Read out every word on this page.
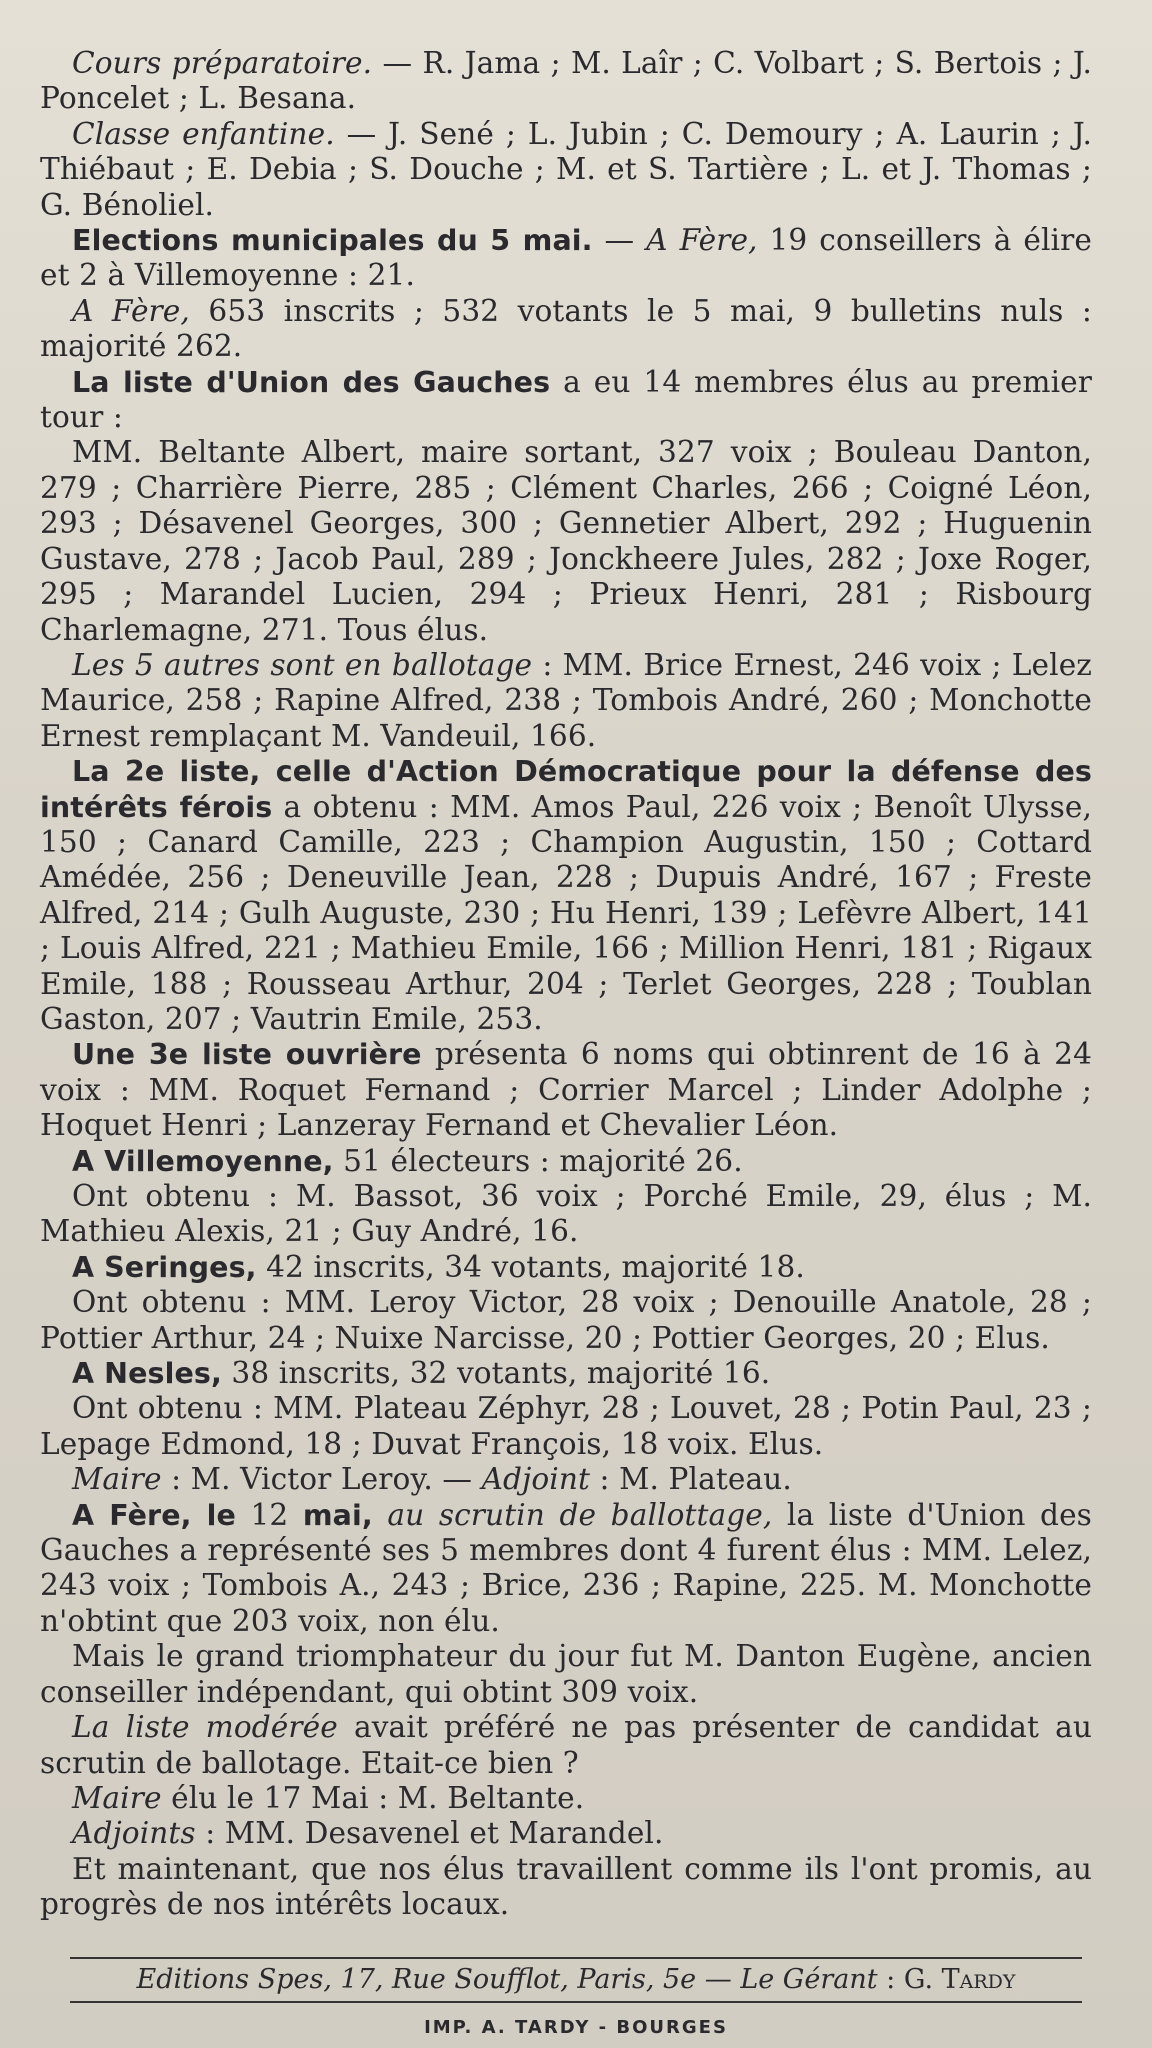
Cours préparatoire. — R. Jama ; M. Laîr ; C. Volbart ; S. Bertois ; J. Poncelet ; L. Besana.

Classe enfantine. — J. Sené ; L. Jubin ; C. Demoury ; A. Laurin ; J. Thiébaut ; E. Debia ; S. Douche ; M. et S. Tartière ; L. et J. Thomas ; G. Bénoliel.

Elections municipales du 5 mai. — A Fère, 19 conseillers à élire et 2 à Villemoyenne : 21.

A Fère, 653 inscrits ; 532 votants le 5 mai, 9 bulletins nuls : majorité 262.

La liste d'Union des Gauches a eu 14 membres élus au premier tour :

MM. Beltante Albert, maire sortant, 327 voix ; Bouleau Danton, 279 ; Charrière Pierre, 285 ; Clément Charles, 266 ; Coigné Léon, 293 ; Désavenel Georges, 300 ; Gennetier Albert, 292 ; Huguenin Gustave, 278 ; Jacob Paul, 289 ; Jonckheere Jules, 282 ; Joxe Roger, 295 ; Marandel Lucien, 294 ; Prieux Henri, 281 ; Risbourg Charlemagne, 271. Tous élus.

Les 5 autres sont en ballotage : MM. Brice Ernest, 246 voix ; Lelez Maurice, 258 ; Rapine Alfred, 238 ; Tombois André, 260 ; Monchotte Ernest remplaçant M. Vandeuil, 166.

La 2e liste, celle d'Action Démocratique pour la défense des intérêts férois a obtenu : MM. Amos Paul, 226 voix ; Benoît Ulysse, 150 ; Canard Camille, 223 ; Champion Augustin, 150 ; Cottard Amédée, 256 ; Deneuville Jean, 228 ; Dupuis André, 167 ; Freste Alfred, 214 ; Gulh Auguste, 230 ; Hu Henri, 139 ; Lefèvre Albert, 141 ; Louis Alfred, 221 ; Mathieu Emile, 166 ; Million Henri, 181 ; Rigaux Emile, 188 ; Rousseau Arthur, 204 ; Terlet Georges, 228 ; Toublan Gaston, 207 ; Vautrin Emile, 253.

Une 3e liste ouvrière présenta 6 noms qui obtinrent de 16 à 24 voix : MM. Roquet Fernand ; Corrier Marcel ; Linder Adolphe ; Hoquet Henri ; Lanzeray Fernand et Chevalier Léon.

A Villemoyenne, 51 électeurs : majorité 26.

Ont obtenu : M. Bassot, 36 voix ; Porché Emile, 29, élus ; M. Mathieu Alexis, 21 ; Guy André, 16.

A Seringes, 42 inscrits, 34 votants, majorité 18.

Ont obtenu : MM. Leroy Victor, 28 voix ; Denouille Anatole, 28 ; Pottier Arthur, 24 ; Nuixe Narcisse, 20 ; Pottier Georges, 20 ; Elus.

A Nesles, 38 inscrits, 32 votants, majorité 16.

Ont obtenu : MM. Plateau Zéphyr, 28 ; Louvet, 28 ; Potin Paul, 23 ; Lepage Edmond, 18 ; Duvat François, 18 voix. Elus.

Maire : M. Victor Leroy. — Adjoint : M. Plateau.

A Fère, le 12 mai, au scrutin de ballottage, la liste d'Union des Gauches a représenté ses 5 membres dont 4 furent élus : MM. Lelez, 243 voix ; Tombois A., 243 ; Brice, 236 ; Rapine, 225. M. Monchotte n'obtint que 203 voix, non élu.

Mais le grand triomphateur du jour fut M. Danton Eugène, ancien conseiller indépendant, qui obtint 309 voix.

La liste modérée avait préféré ne pas présenter de candidat au scrutin de ballotage. Etait-ce bien ?

Maire élu le 17 Mai : M. Beltante.

Adjoints : MM. Desavenel et Marandel.

Et maintenant, que nos élus travaillent comme ils l'ont promis, au progrès de nos intérêts locaux.

Editions Spes, 17, Rue Soufflot, Paris, 5e — Le Gérant : G. Tardy
IMP. A. TARDY - BOURGES
